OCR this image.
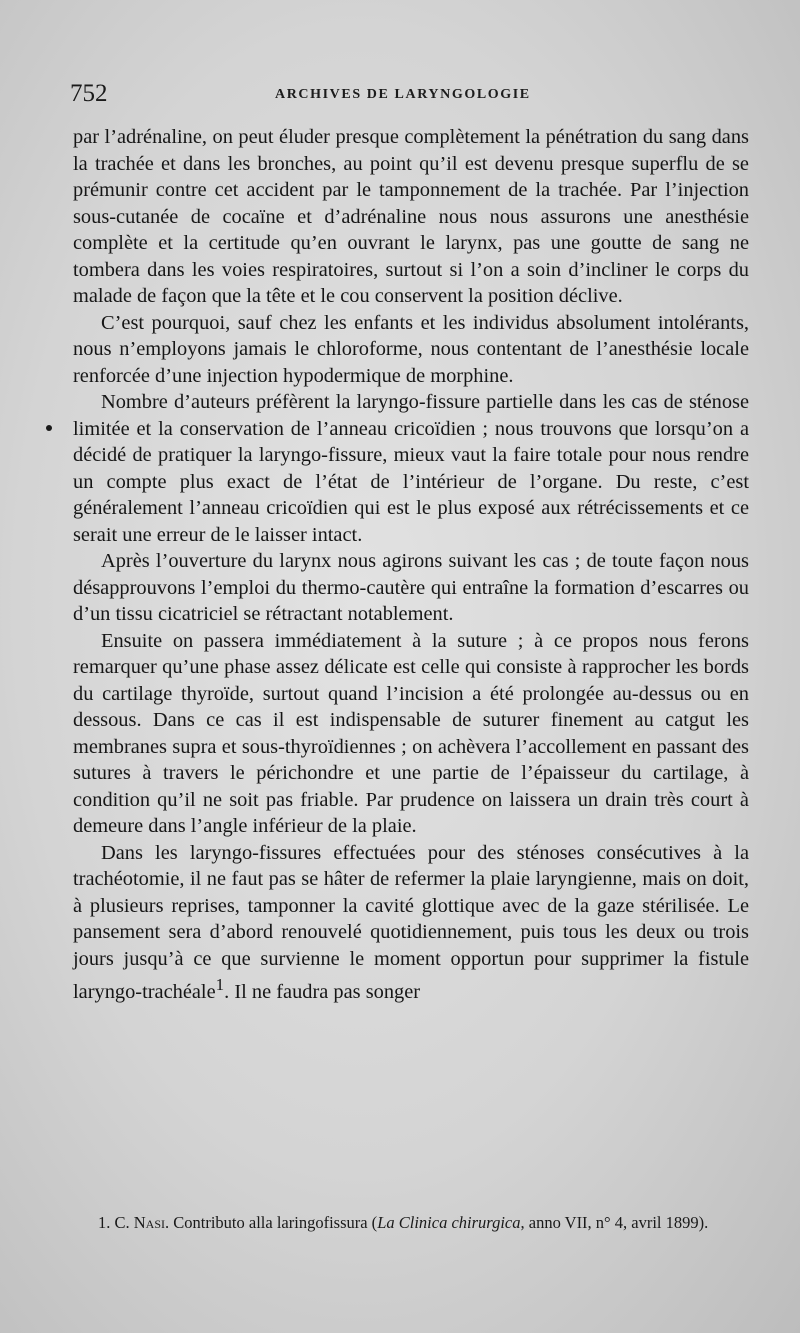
752	ARCHIVES DE LARYNGOLOGIE

par l’adrénaline, on peut éluder presque complètement la pénétration du sang dans la trachée et dans les bronches, au point qu’il est devenu presque superflu de se prémunir contre cet accident par le tamponnement de la trachée. Par l’injection sous-cutanée de cocaïne et d’adrénaline nous nous assurons une anesthésie complète et la certitude qu’en ouvrant le larynx, pas une goutte de sang ne tombera dans les voies respiratoires, surtout si l’on a soin d’incliner le corps du malade de façon que la tête et le cou conservent la position déclive.

C’est pourquoi, sauf chez les enfants et les individus absolument intolérants, nous n’employons jamais le chloroforme, nous contentant de l’anesthésie locale renforcée d’une injection hypodermique de morphine.

Nombre d’auteurs préfèrent la laryngo-fissure partielle dans les cas de sténose limitée et la conservation de l’anneau cricoïdien ; nous trouvons que lorsqu’on a décidé de pratiquer la laryngo-fissure, mieux vaut la faire totale pour nous rendre un compte plus exact de l’état de l’intérieur de l’organe. Du reste, c’est généralement l’anneau cricoïdien qui est le plus exposé aux rétrécissements et ce serait une erreur de le laisser intact.

Après l’ouverture du larynx nous agirons suivant les cas ; de toute façon nous désapprouvons l’emploi du thermo-cautère qui entraîne la formation d’escarres ou d’un tissu cicatriciel se rétractant notablement.

Ensuite on passera immédiatement à la suture ; à ce propos nous ferons remarquer qu’une phase assez délicate est celle qui consiste à rapprocher les bords du cartilage thyroïde, surtout quand l’incision a été prolongée au-dessus ou en dessous. Dans ce cas il est indispensable de suturer finement au catgut les membranes supra et sous-thyroïdiennes ; on achèvera l’accollement en passant des sutures à travers le périchondre et une partie de l’épaisseur du cartilage, à condition qu’il ne soit pas friable. Par prudence on laissera un drain très court à demeure dans l’angle inférieur de la plaie.

Dans les laryngo-fissures effectuées pour des sténoses consécutives à la trachéotomie, il ne faut pas se hâter de refermer la plaie laryngienne, mais on doit, à plusieurs reprises, tamponner la cavité glottique avec de la gaze stérilisée. Le pansement sera d’abord renouvelé quotidiennement, puis tous les deux ou trois jours jusqu’à ce que survienne le moment opportun pour supprimer la fistule laryngo-trachéale$^1$. Il ne faudra pas songer

1. C. Nasi. Contributo alla laringofissura (La Clinica chirurgica, anno VII, n° 4, avril 1899).
